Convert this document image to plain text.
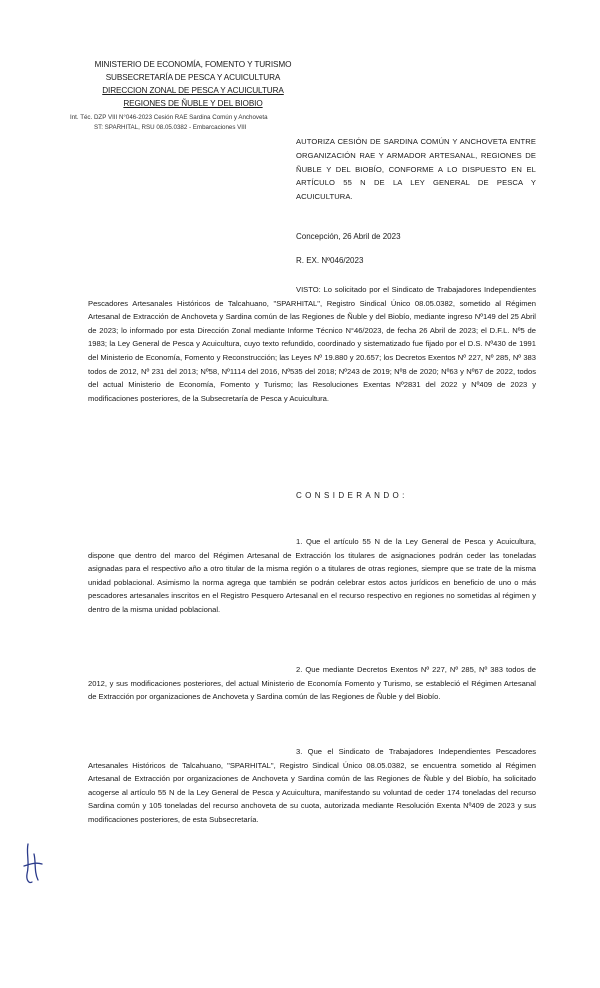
MINISTERIO DE ECONOMÍA, FOMENTO Y TURISMO
SUBSECRETARÍA DE PESCA Y ACUICULTURA
DIRECCION ZONAL DE PESCA Y ACUICULTURA
REGIONES DE ÑUBLE Y DEL BIOBIO
Int. Téc. DZP VIII N°046-2023 Cesión RAE Sardina Común y Anchoveta
ST: SPARHITAL, RSU 08.05.0382 - Embarcaciones VIII
AUTORIZA CESIÓN DE SARDINA COMÚN Y ANCHOVETA ENTRE ORGANIZACIÓN RAE Y ARMADOR ARTESANAL, REGIONES DE ÑUBLE Y DEL BIOBÍO, CONFORME A LO DISPUESTO EN EL ARTÍCULO 55 N DE LA LEY GENERAL DE PESCA Y ACUICULTURA.
Concepción, 26 Abril de 2023
R. EX. Nº046/2023
VISTO: Lo solicitado por el Sindicato de Trabajadores Independientes Pescadores Artesanales Históricos de Talcahuano, "SPARHITAL", Registro Sindical Único 08.05.0382, sometido al Régimen Artesanal de Extracción de Anchoveta y Sardina común de las Regiones de Ñuble y del Biobío, mediante ingreso Nº149 del 25 Abril de 2023; lo informado por esta Dirección Zonal mediante Informe Técnico N°46/2023, de fecha 26 Abril de 2023; el D.F.L. Nº5 de 1983; la Ley General de Pesca y Acuicultura, cuyo texto refundido, coordinado y sistematizado fue fijado por el D.S. Nº430 de 1991 del Ministerio de Economía, Fomento y Reconstrucción; las Leyes Nº 19.880 y 20.657; los Decretos Exentos Nº 227, Nº 285, Nº 383 todos de 2012, Nº 231 del 2013; Nº58, Nº1114 del 2016, Nº535 del 2018; Nº243 de 2019; Nº8 de 2020; Nº63 y Nº67 de 2022, todos del actual Ministerio de Economía, Fomento y Turismo; las Resoluciones Exentas Nº2831 del 2022 y Nº409 de 2023 y modificaciones posteriores, de la Subsecretaría de Pesca y Acuicultura.
CONSIDERANDO:
1. Que el artículo 55 N de la Ley General de Pesca y Acuicultura, dispone que dentro del marco del Régimen Artesanal de Extracción los titulares de asignaciones podrán ceder las toneladas asignadas para el respectivo año a otro titular de la misma región o a titulares de otras regiones, siempre que se trate de la misma unidad poblacional. Asimismo la norma agrega que también se podrán celebrar estos actos jurídicos en beneficio de uno o más pescadores artesanales inscritos en el Registro Pesquero Artesanal en el recurso respectivo en regiones no sometidas al régimen y dentro de la misma unidad poblacional.
2. Que mediante Decretos Exentos Nº 227, Nº 285, Nº 383 todos de 2012, y sus modificaciones posteriores, del actual Ministerio de Economía Fomento y Turismo, se estableció el Régimen Artesanal de Extracción por organizaciones de Anchoveta y Sardina común de las Regiones de Ñuble y del Biobío.
3. Que el Sindicato de Trabajadores Independientes Pescadores Artesanales Históricos de Talcahuano, "SPARHITAL", Registro Sindical Único 08.05.0382, se encuentra sometido al Régimen Artesanal de Extracción por organizaciones de Anchoveta y Sardina común de las Regiones de Ñuble y del Biobío, ha solicitado acogerse al artículo 55 N de la Ley General de Pesca y Acuicultura, manifestando su voluntad de ceder 174 toneladas del recurso Sardina común y 105 toneladas del recurso anchoveta de su cuota, autorizada mediante Resolución Exenta Nº409 de 2023 y sus modificaciones posteriores, de esta Subsecretaría.
